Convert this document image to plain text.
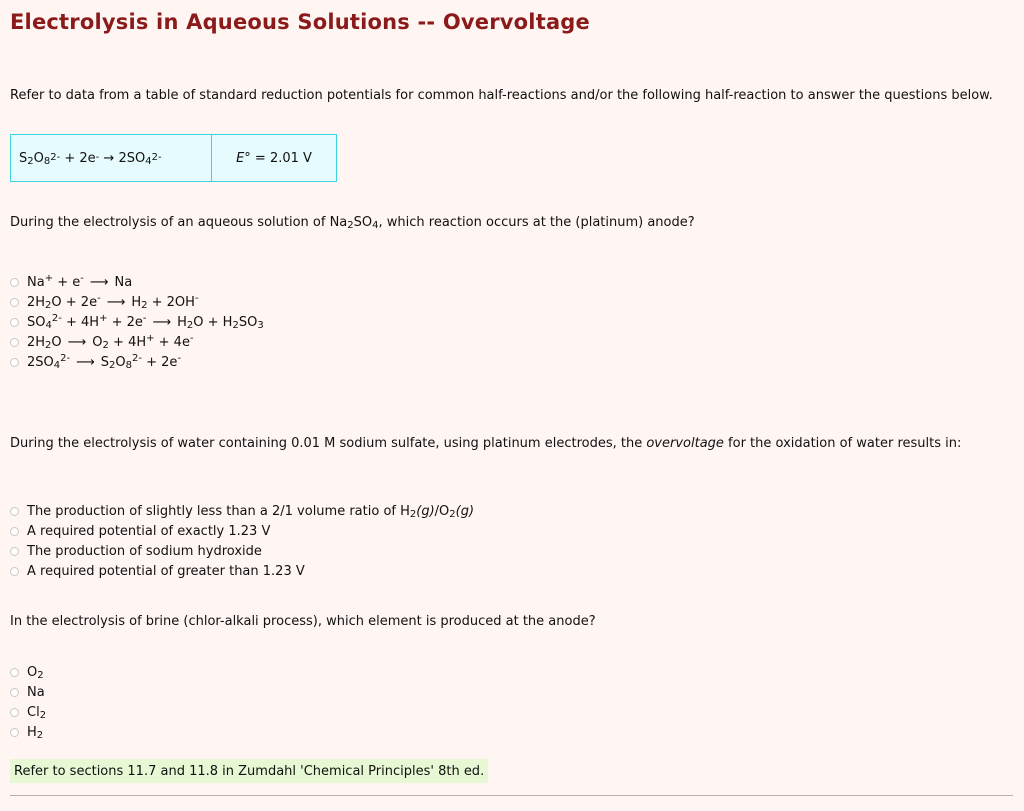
Electrolysis in Aqueous Solutions -- Overvoltage
Refer to data from a table of standard reduction potentials for common half-reactions and/or the following half-reaction to answer the questions below.
$S_2O_8$ 2-
+ 2e -
→
$2SO_4$ 2-	E° = 2.01 V
During the electrolysis of an aqueous solution of $Na_2SO_4$, which reaction occurs at the (platinum) anode?
Na+ + e- ⟶ Na
$2H_2O + 2e^-$ ⟶ $H_2 + 2OH^-$
$SO_4^{2-} + 4H^+ + 2e^-$ ⟶ $H_2O + H_2SO_3$
$2H_2O$ ⟶ $O_2 + 4H^+ + 4e^-$
$2SO_4^{2-}$ ⟶ $S_2O_8^{2-} + 2e^-$
During the electrolysis of water containing 0.01 M sodium sulfate, using platinum electrodes, the overvoltage for the oxidation of water results in:
The production of slightly less than a 2/1 volume ratio of $H_2(g)/O_2(g)$
A required potential of exactly 1.23 V
The production of sodium hydroxide
A required potential of greater than 1.23 V
In the electrolysis of brine (chlor-alkali process), which element is produced at the anode?
$O_2$
Na
$Cl_2$
$H_2$
Refer to sections 11.7 and 11.8 in Zumdahl 'Chemical Principles' 8th ed.
